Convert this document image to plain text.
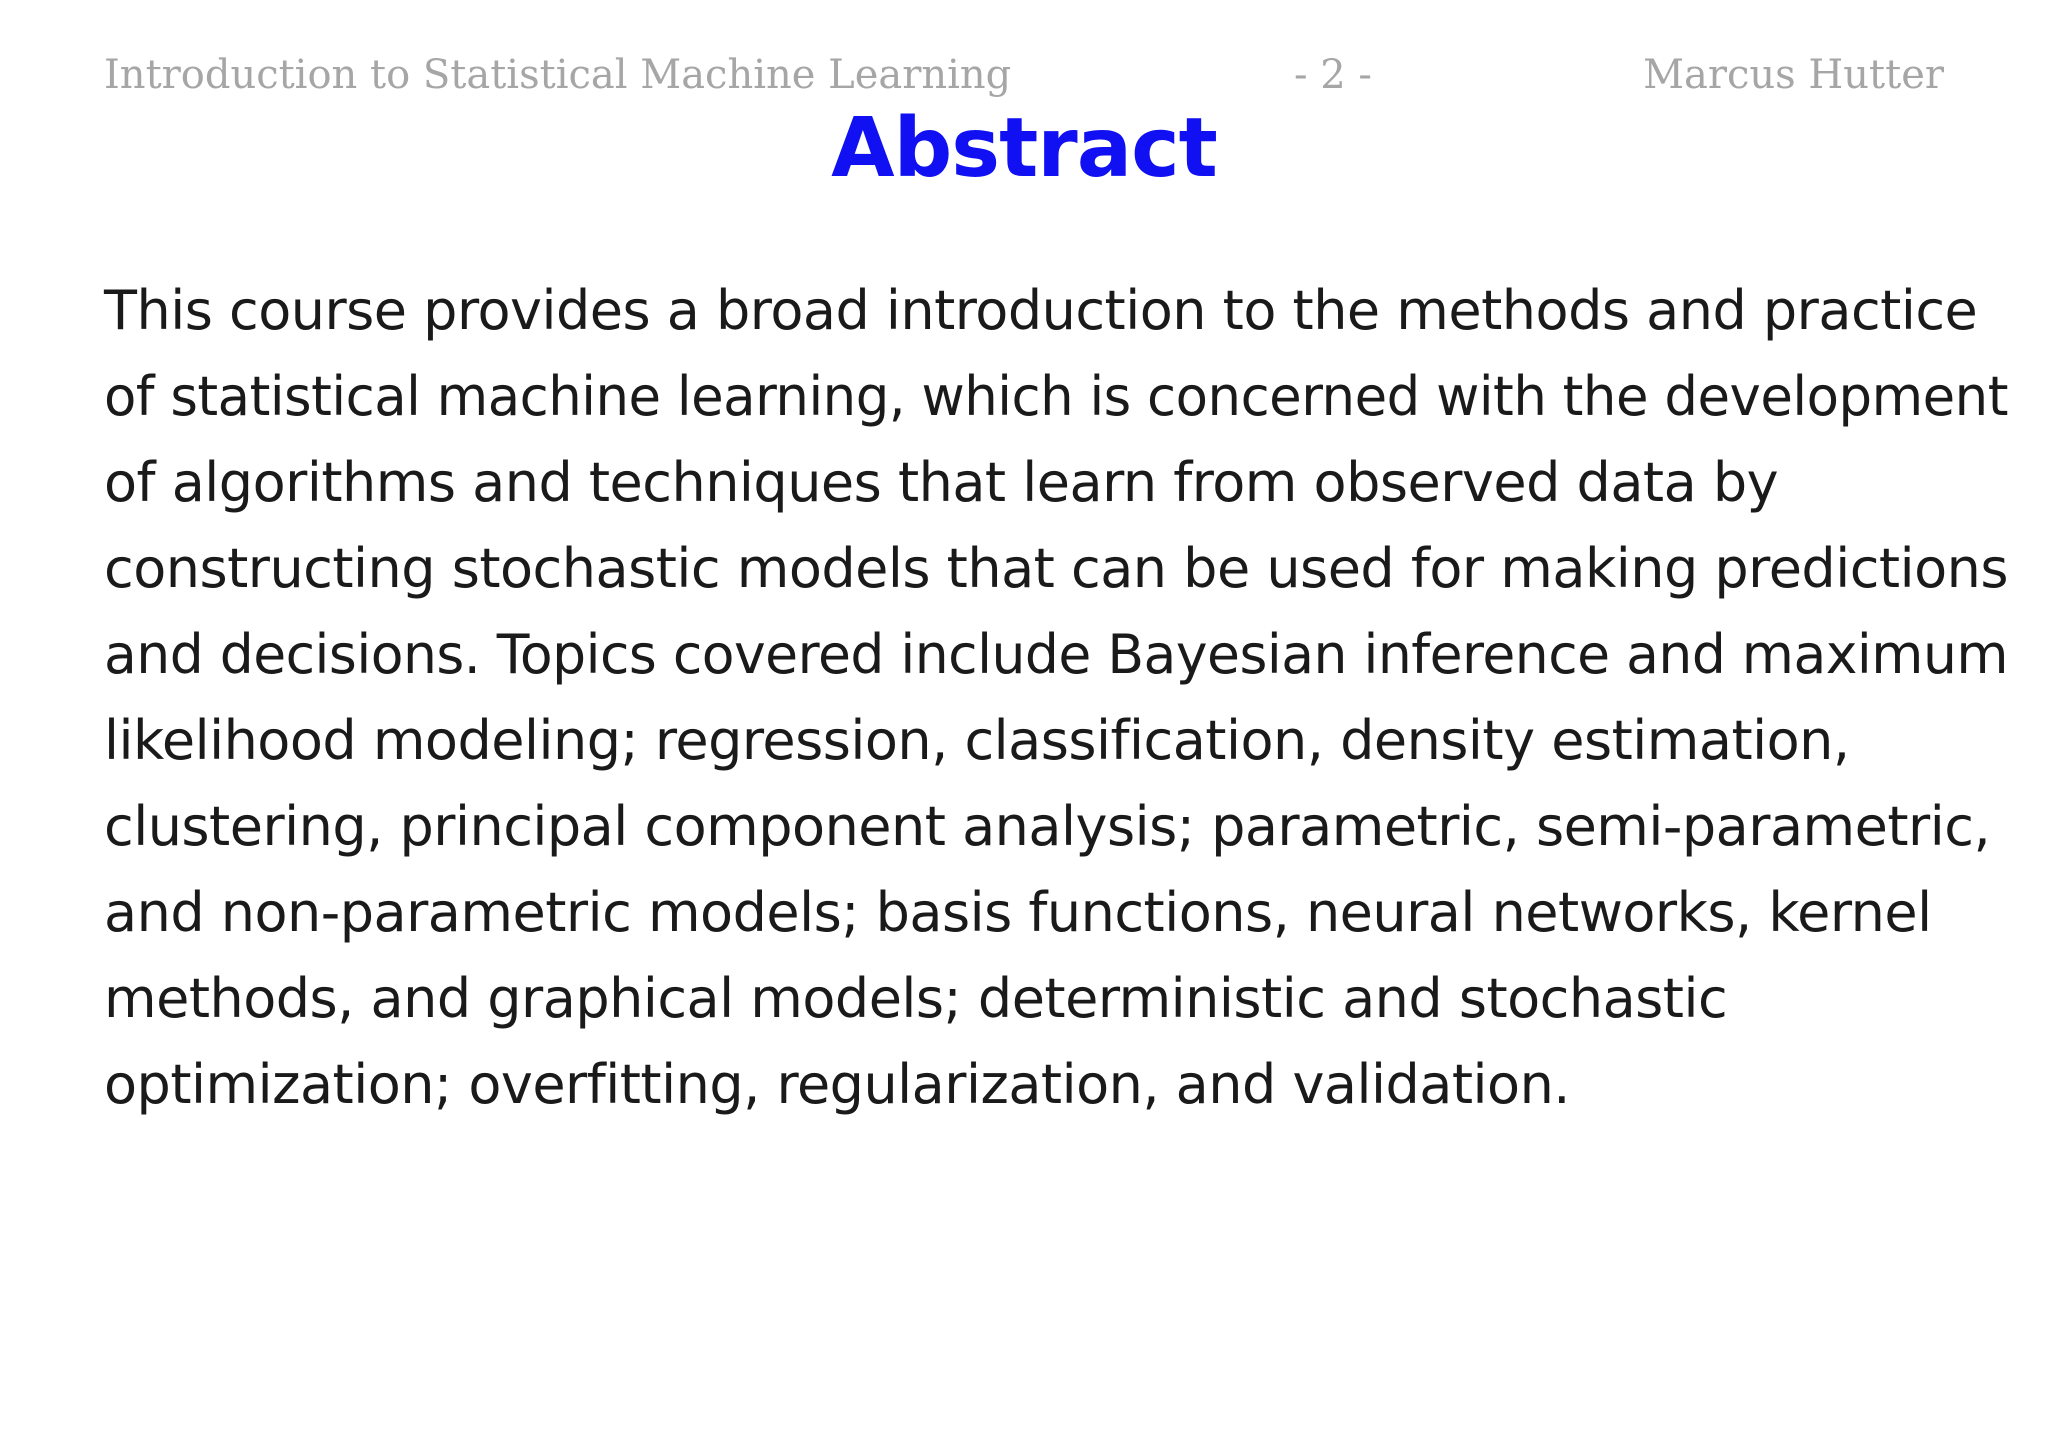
Introduction to Statistical Machine Learning	- 2 -	Marcus Hutter
Abstract

This course provides a broad introduction to the methods and practice
of statistical machine learning, which is concerned with the development
of algorithms and techniques that learn from observed data by
constructing stochastic models that can be used for making predictions
and decisions. Topics covered include Bayesian inference and maximum
likelihood modeling; regression, classification, density estimation,
clustering, principal component analysis; parametric, semi-parametric,
and non-parametric models; basis functions, neural networks, kernel
methods, and graphical models; deterministic and stochastic
optimization; overfitting, regularization, and validation.
